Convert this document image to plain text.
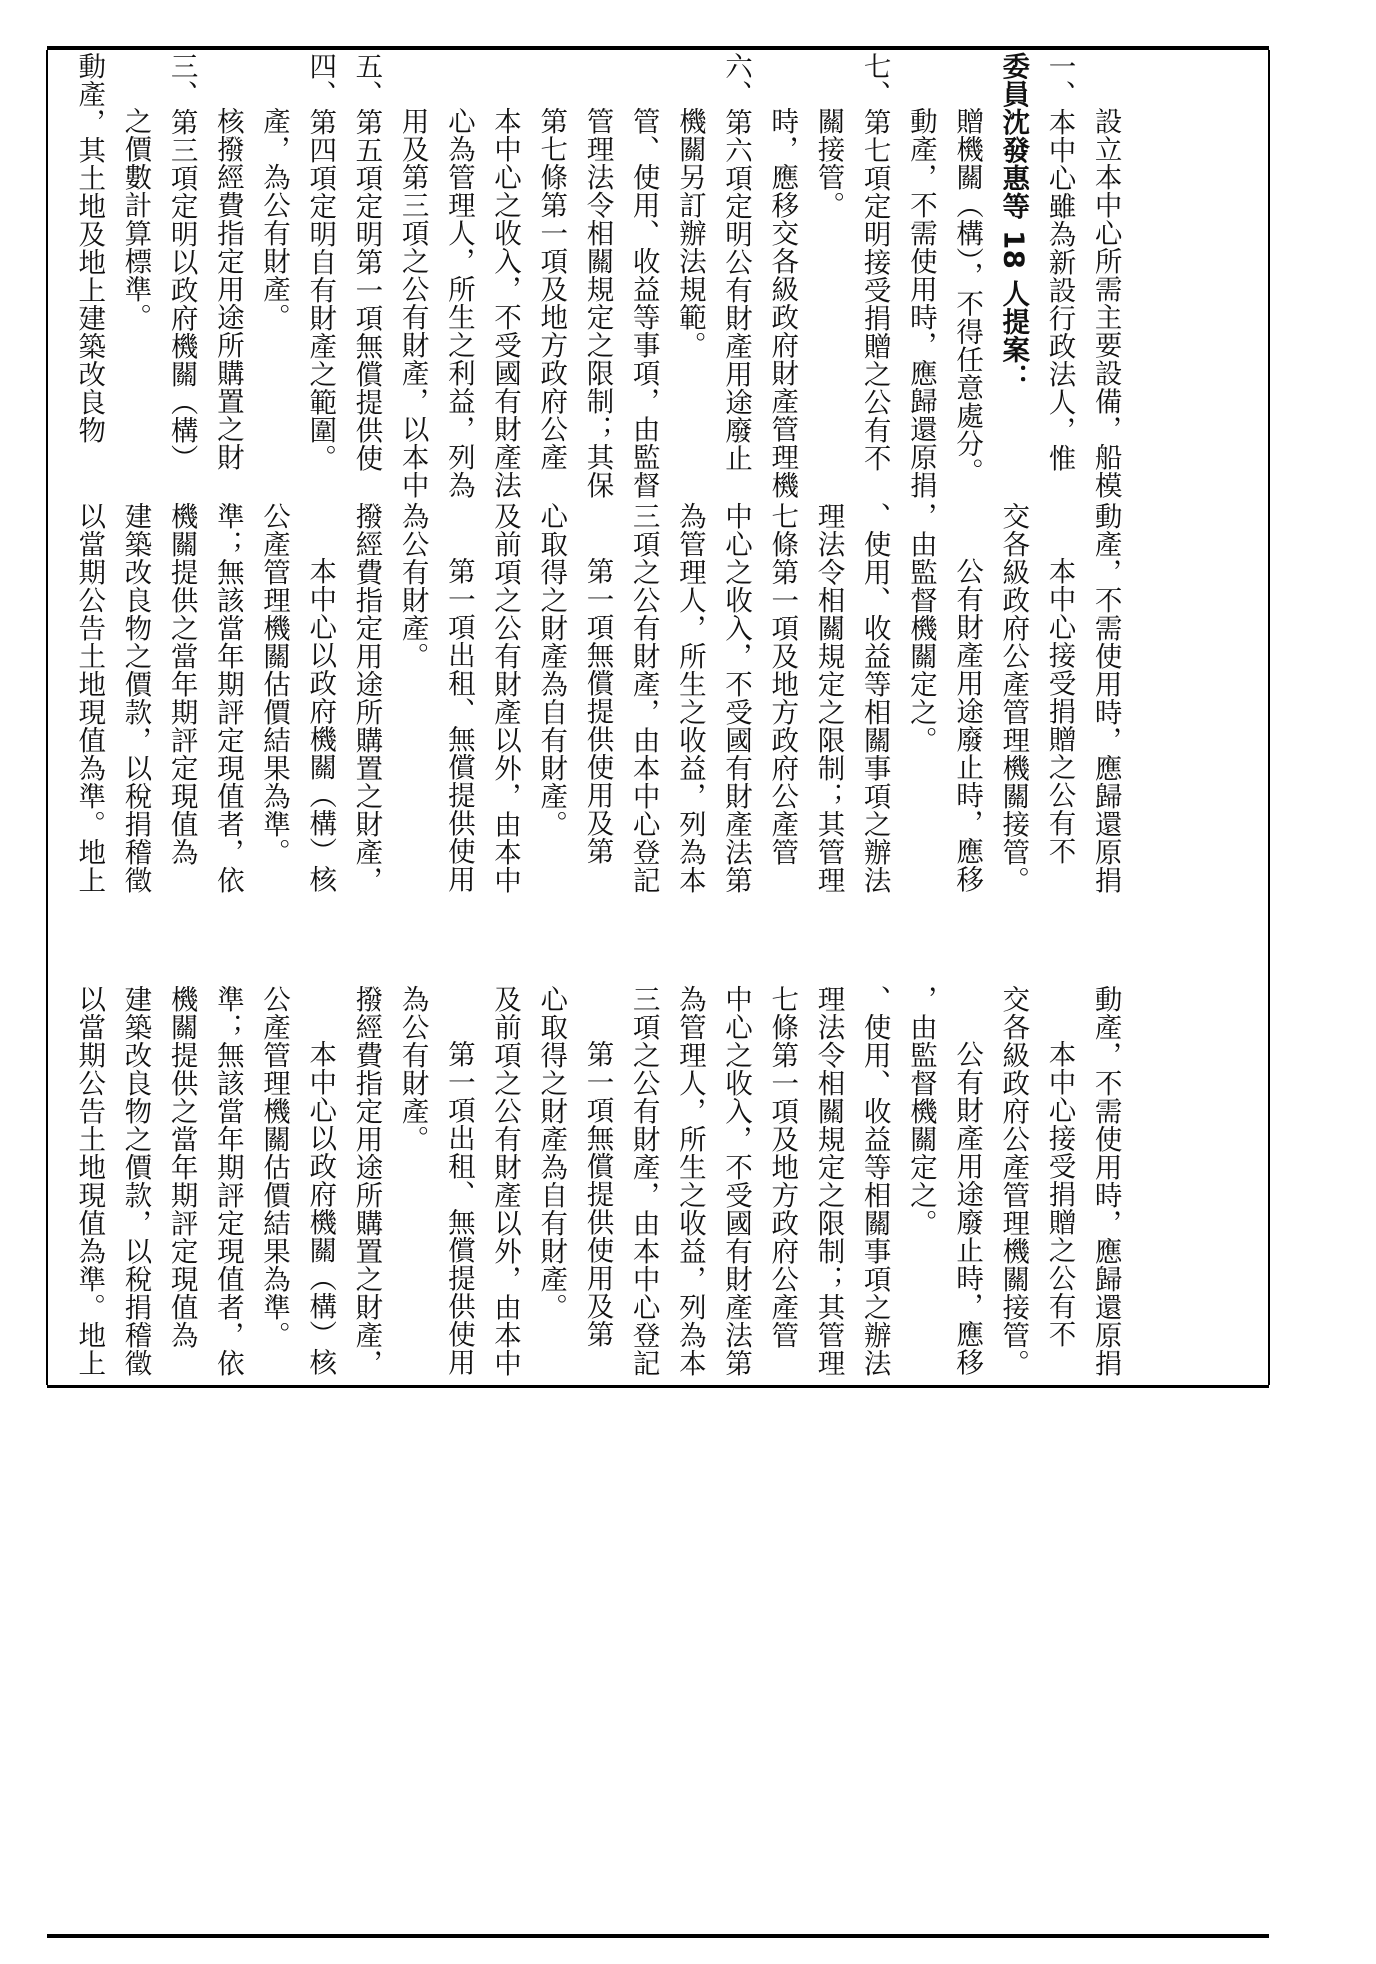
動產，其土地及地上建築改良物 之價數計算標準。 三、第三項定明以政府機關（構） 核撥經費指定用途所購置之財 產，為公有財產。 四、第四項定明自有財產之範圍。 五、第五項定明第一項無償提供使 用及第三項之公有財產，以本中 心為管理人，所生之利益，列為 本中心之收入，不受國有財產法 第七條第一項及地方政府公產 管理法令相關規定之限制；其保 管、使用、收益等事項，由監督 機關另訂辦法規範。 六、第六項定明公有財產用途廢止 時，應移交各級政府財產管理機 關接管。 七、第七項定明接受捐贈之公有不 動產，不需使用時，應歸還原捐 贈機關（構），不得任意處分。 委員沈發惠等 18 人提案： 一、本中心雖為新設行政法人，惟 設立本中心所需主要設備，船模

以當期公告土地現值為準。地上 建築改良物之價款，以稅捐稽徵 機關提供之當年期評定現值為 準；無該當年期評定現值者，依 公產管理機關估價結果為準。 本中心以政府機關（構）核 撥經費指定用途所購置之財產， 為公有財產。 第一項出租、無償提供使用 及前項之公有財產以外，由本中 心取得之財產為自有財產。 第一項無償提供使用及第 三項之公有財產，由本中心登記 為管理人，所生之收益，列為本 中心之收入，不受國有財產法第 七條第一項及地方政府公產管 理法令相關規定之限制；其管理 、使用、收益等相關事項之辦法 ，由監督機關定之。 公有財產用途廢止時，應移 交各級政府公產管理機關接管。 本中心接受捐贈之公有不 動產，不需使用時，應歸還原捐

以當期公告土地現值為準。地上 建築改良物之價款，以稅捐稽徵 機關提供之當年期評定現值為 準；無該當年期評定現值者，依 公產管理機關估價結果為準。 本中心以政府機關（構）核 撥經費指定用途所購置之財產， 為公有財產。 第一項出租、無償提供使用 及前項之公有財產以外，由本中 心取得之財產為自有財產。 第一項無償提供使用及第 三項之公有財產，由本中心登記 為管理人，所生之收益，列為本 中心之收入，不受國有財產法第 七條第一項及地方政府公產管 理法令相關規定之限制；其管理 、使用、收益等相關事項之辦法 ，由監督機關定之。 公有財產用途廢止時，應移 交各級政府公產管理機關接管。 本中心接受捐贈之公有不 動產，不需使用時，應歸還原捐
